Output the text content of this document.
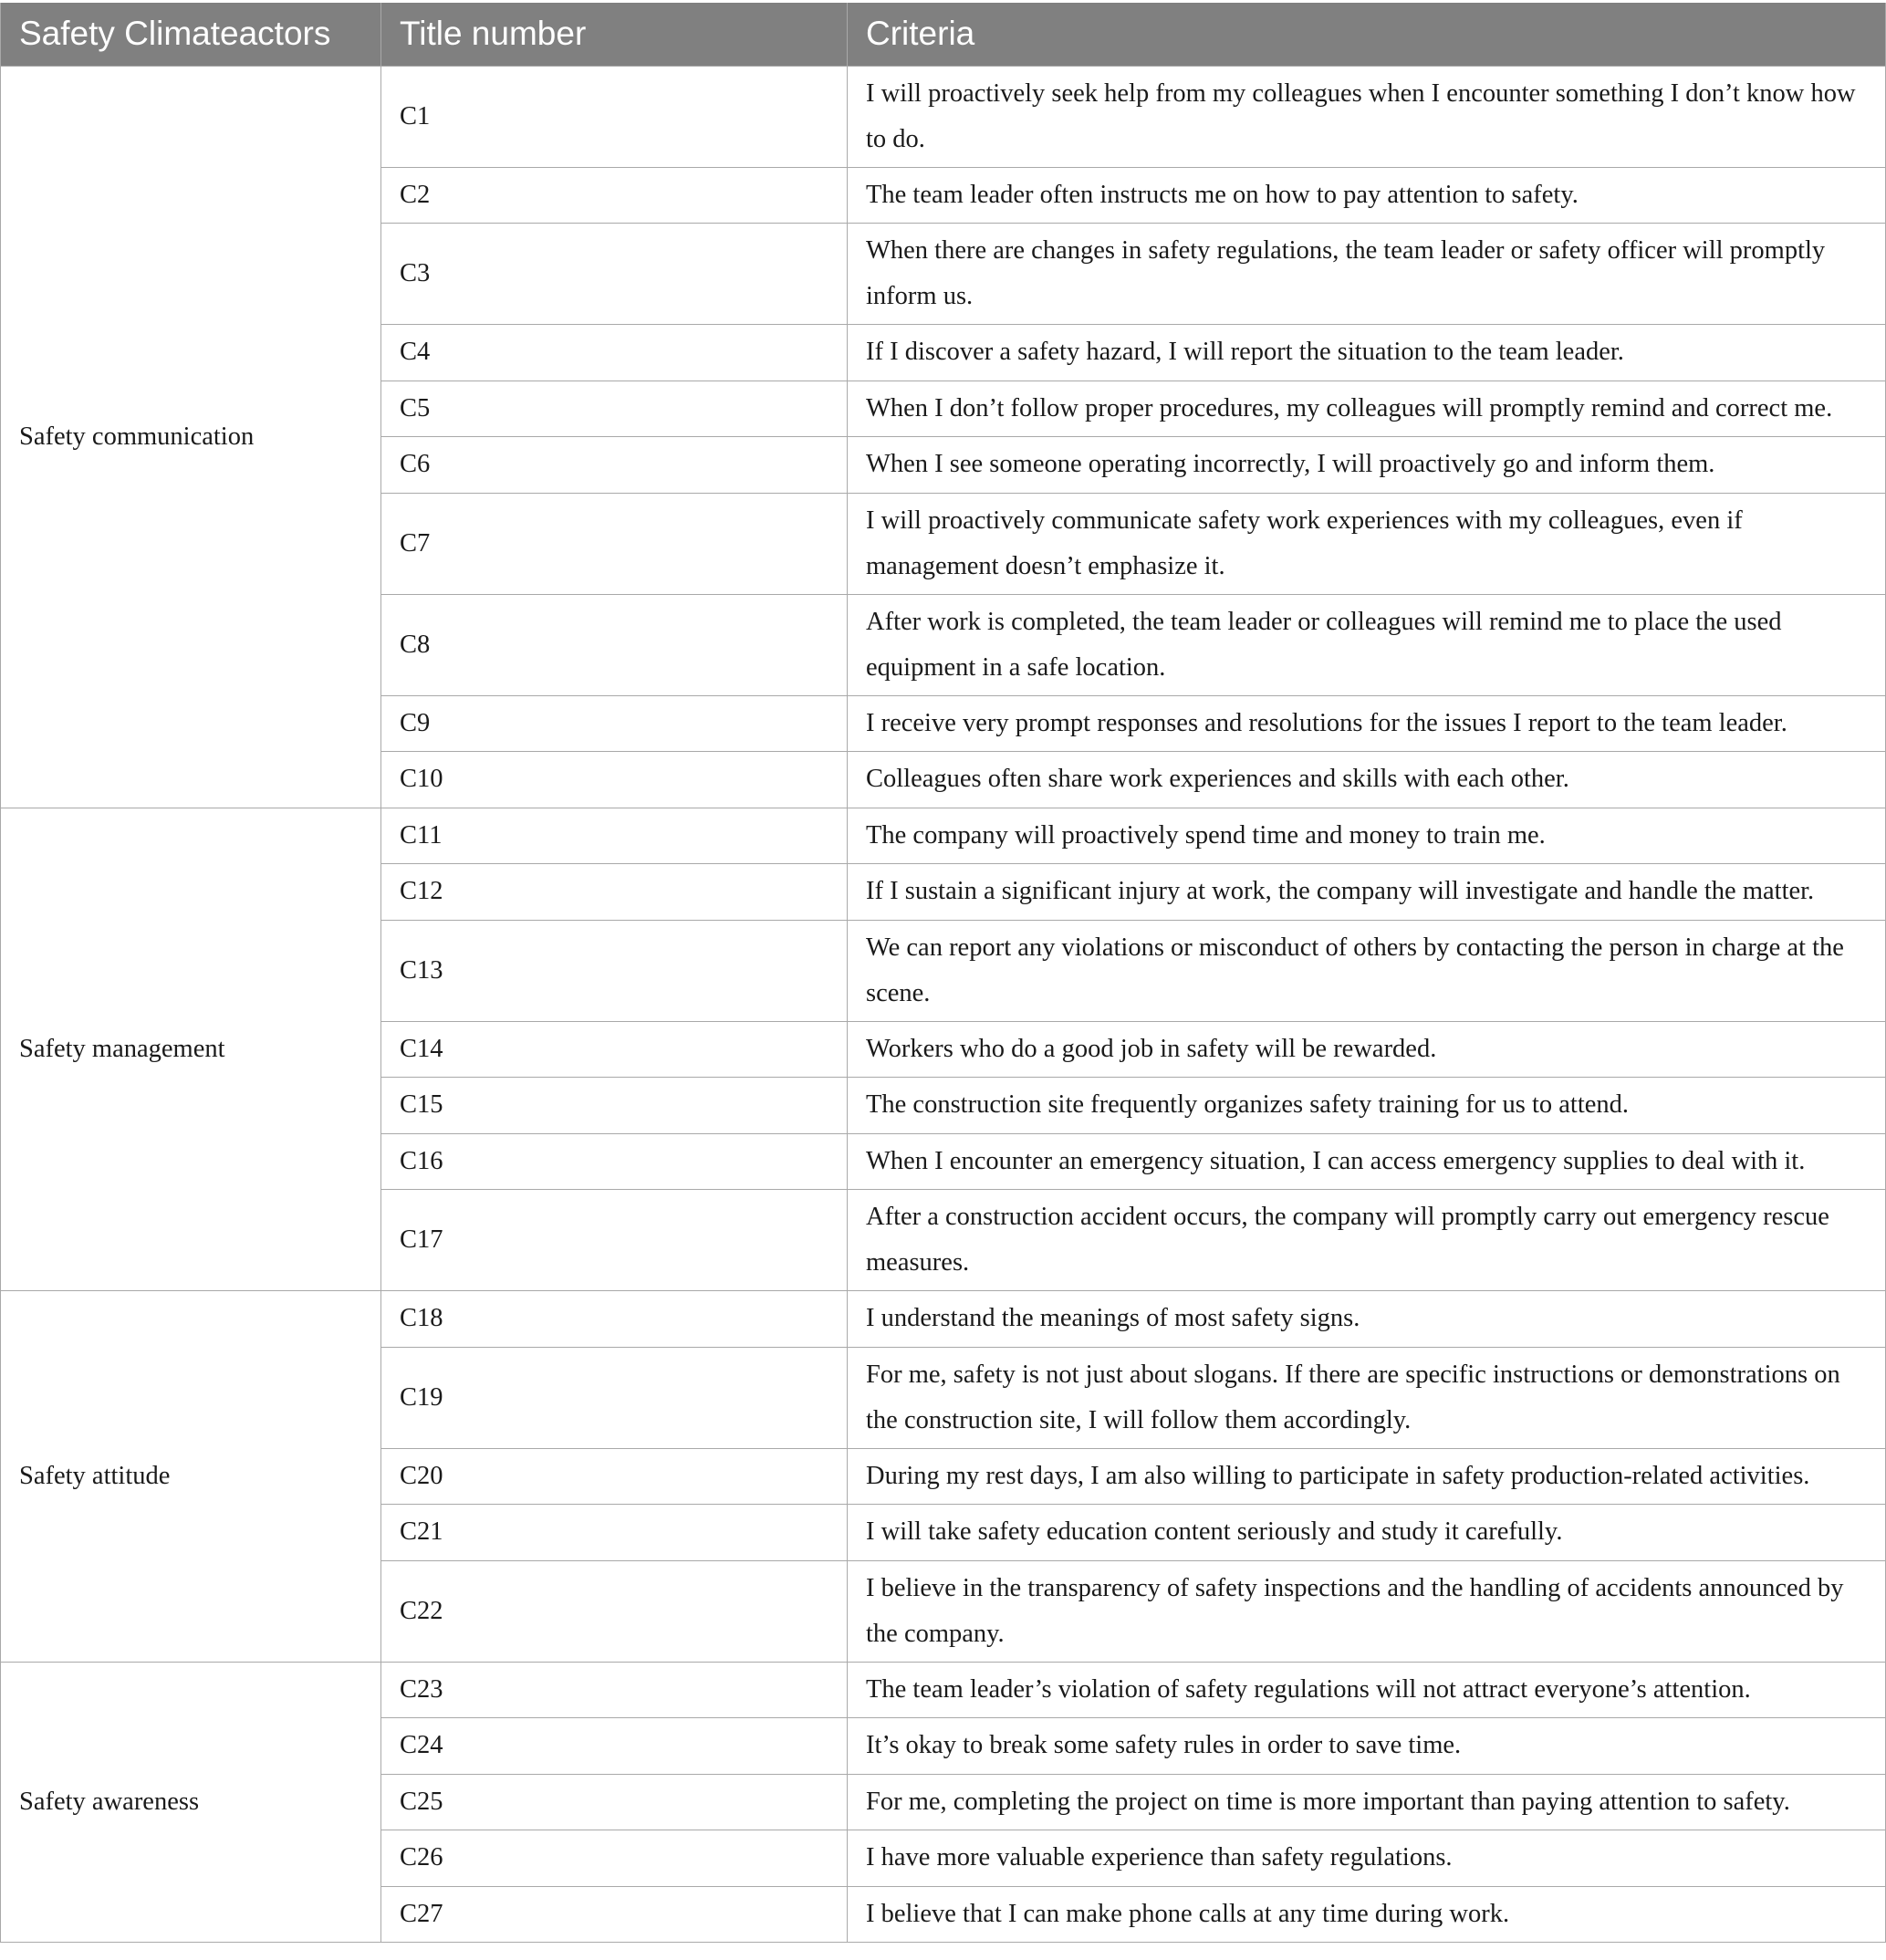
Safety Climateactors	Title number	Criteria
Safety communication	C1	I will proactively seek help from my colleagues when I encounter something I don’t know how to do.
	C2	The team leader often instructs me on how to pay attention to safety.
	C3	When there are changes in safety regulations, the team leader or safety officer will promptly inform us.
	C4	If I discover a safety hazard, I will report the situation to the team leader.
	C5	When I don’t follow proper procedures, my colleagues will promptly remind and correct me.
	C6	When I see someone operating incorrectly, I will proactively go and inform them.
	C7	I will proactively communicate safety work experiences with my colleagues, even if management doesn’t emphasize it.
	C8	After work is completed, the team leader or colleagues will remind me to place the used equipment in a safe location.
	C9	I receive very prompt responses and resolutions for the issues I report to the team leader.
	C10	Colleagues often share work experiences and skills with each other.
Safety management	C11	The company will proactively spend time and money to train me.
	C12	If I sustain a significant injury at work, the company will investigate and handle the matter.
	C13	We can report any violations or misconduct of others by contacting the person in charge at the scene.
	C14	Workers who do a good job in safety will be rewarded.
	C15	The construction site frequently organizes safety training for us to attend.
	C16	When I encounter an emergency situation, I can access emergency supplies to deal with it.
	C17	After a construction accident occurs, the company will promptly carry out emergency rescue measures.
Safety attitude	C18	I understand the meanings of most safety signs.
	C19	For me, safety is not just about slogans. If there are specific instructions or demonstrations on the construction site, I will follow them accordingly.
	C20	During my rest days, I am also willing to participate in safety production-related activities.
	C21	I will take safety education content seriously and study it carefully.
	C22	I believe in the transparency of safety inspections and the handling of accidents announced by the company.
Safety awareness	C23	The team leader’s violation of safety regulations will not attract everyone’s attention.
	C24	It’s okay to break some safety rules in order to save time.
	C25	For me, completing the project on time is more important than paying attention to safety.
	C26	I have more valuable experience than safety regulations.
	C27	I believe that I can make phone calls at any time during work.
